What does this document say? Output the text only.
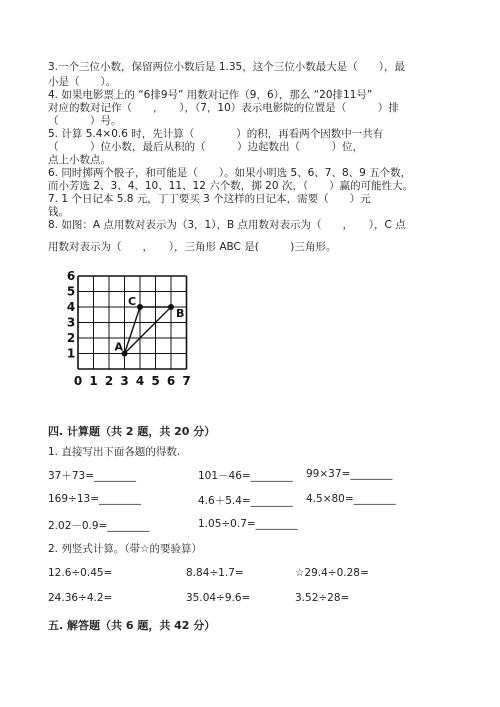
3.一个三位小数，保留两位小数后是 1.35，这个三位小数最大是（　　），最
小是（　　）。
4. 如果电影票上的 “6排9号” 用数对记作（9，6），那么 “20排11号”
对应的数对记作（　　，　　），（7，10）表示电影院的位置是（　　　）排
（　　　）号。
5. 计算 5.4×0.6 时，先计算（　　　　）的积，再看两个因数中一共有
（　　　）位小数，最后从积的（　　　）边起数出（　　　）位，
点上小数点。
6. 同时掷两个骰子，和可能是（　　）。如果小明选 5、6、7、8、9 五个数，
而小芳选 2、3、4、10、11、12 六个数，掷 20 次，（　　）赢的可能性大。
7. 1 个日记本 5.8 元，丁丁要买 3 个这样的日记本，需要（　　）元
钱。
8. 如图：A 点用数对表示为（3，1），B 点用数对表示为（　　，　　），C 点
用数对表示为（　　，　　），三角形 ABC 是(　　　)三角形。
0 1 2 3 4 5 6 7
1
2
3
4
5
6
A
B
C
四. 计算题（共 2 题，共 20 分）
1. 直接写出下面各题的得数.
37＋73=________	101－46=________ 99×37=________
169÷13=________	4.6＋5.4=________ 4.5×80=________
2.02－0.9=________	1.05÷0.7=________
2. 列竖式计算。（带☆的要验算）
12.6÷0.45=	8.84÷1.7=	☆29.4÷0.28=
24.36÷4.2=	35.04÷9.6=	3.52÷28=
五. 解答题（共 6 题，共 42 分）
